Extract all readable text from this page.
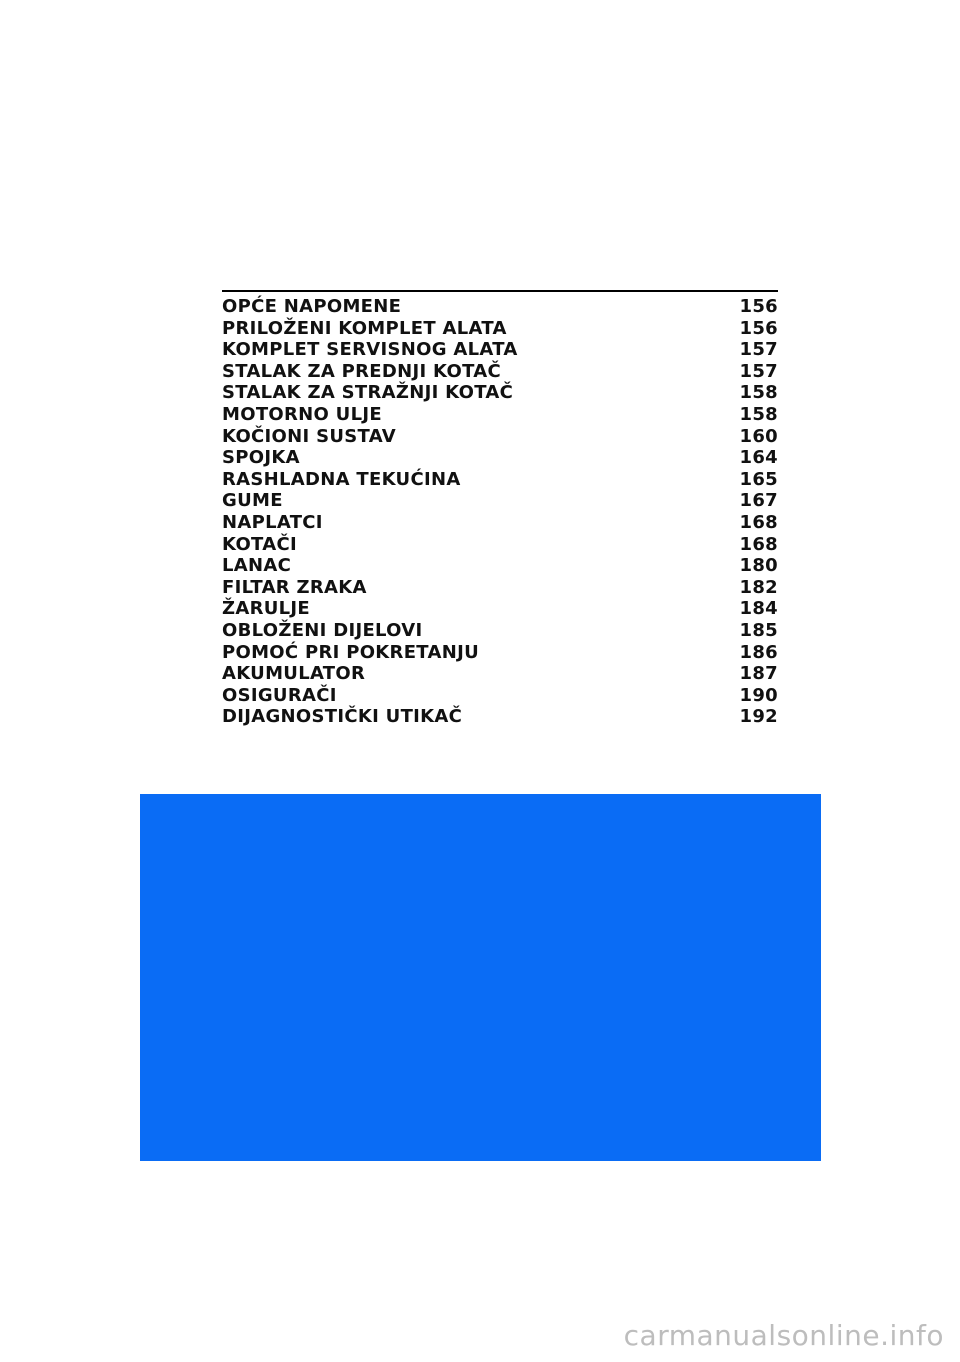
OPĆE NAPOMENE	156
PRILOŽENI KOMPLET ALATA	156
KOMPLET SERVISNOG ALATA	157
STALAK ZA PREDNJI KOTAČ	157
STALAK ZA STRAŽNJI KOTAČ	158
MOTORNO ULJE	158
KOČIONI SUSTAV	160
SPOJKA	164
RASHLADNA TEKUĆINA	165
GUME	167
NAPLATCI	168
KOTAČI	168
LANAC	180
FILTAR ZRAKA	182
ŽARULJE	184
OBLOŽENI DIJELOVI	185
POMOĆ PRI POKRETANJU	186
AKUMULATOR	187
OSIGURAČI	190
DIJAGNOSTIČKI UTIKAČ	192
carmanualsonline.info
